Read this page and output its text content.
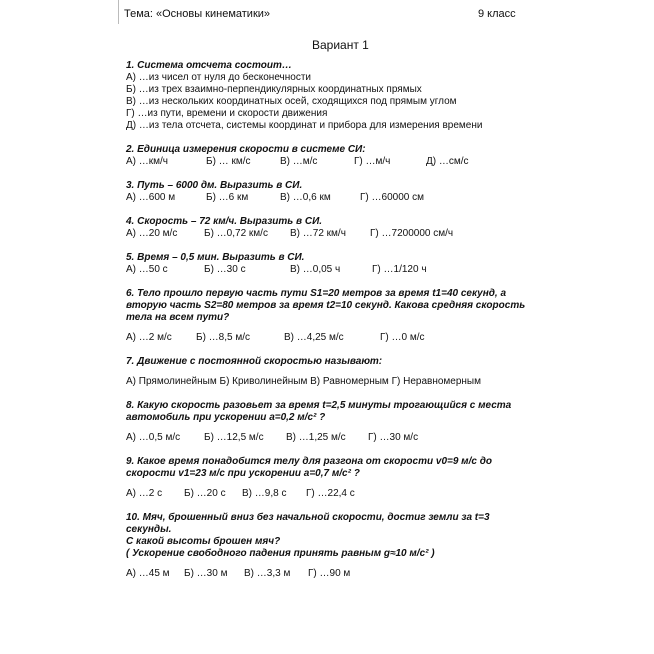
Тема: «Основы кинематики»	9 класс
Вариант 1
1. Система отсчета состоит…
А) …из чисел от нуля до бесконечности
Б) …из трех взаимно-перпендикулярных координатных прямых
В) …из нескольких координатных осей, сходящихся под прямым углом
Г) …из пути, времени и скорости движения
Д) …из тела отсчета, системы координат и прибора для измерения времени
2. Единица измерения скорости в системе СИ:
А) …км/ч	Б) … км/с	В) …м/с	Г) …м/ч	Д) …см/с
3. Путь – 6000 дм. Выразить в СИ.
А) …600 м	Б) …6 км	В) …0,6 км	Г) …60000 см
4. Скорость – 72 км/ч. Выразить в СИ.
А) …20 м/с	Б) …0,72 км/с В) …72 км/ч Г) …7200000 см/ч
5. Время – 0,5 мин. Выразить в СИ.
А) …50 с	Б) …30 с	В) …0,05 ч	Г) …1/120 ч
6. Тело прошло первую часть пути S1=20 метров за время t1=40 секунд, а вторую часть S2=80 метров за время t2=10 секунд. Какова средняя скорость тела на всем пути?
А) …2 м/с Б) …8,5 м/с	В) …4,25 м/с	Г) …0 м/с
7. Движение с постоянной скоростью называют:
А) Прямолинейным Б) Криволинейным В) Равномерным Г) Неравномерным
8. Какую скорость разовьет за время t=2,5 минуты трогающийся с места автомобиль при ускорении a=0,2 м/с² ?
А) …0,5 м/с Б) …12,5 м/с В) …1,25 м/с Г) …30 м/с
9. Какое время понадобится телу для разгона от скорости v0=9 м/с до скорости v1=23 м/с при ускорении a=0,7 м/с² ?
А) …2 с Б) …20 с В) …9,8 с Г) …22,4 с
10. Мяч, брошенный вниз без начальной скорости, достиг земли за t=3
секунды.
С какой высоты брошен мяч?
( Ускорение свободного падения принять равным g≈10 м/с² )
А) …45 м Б) …30 м В) …3,3 м Г) …90 м
